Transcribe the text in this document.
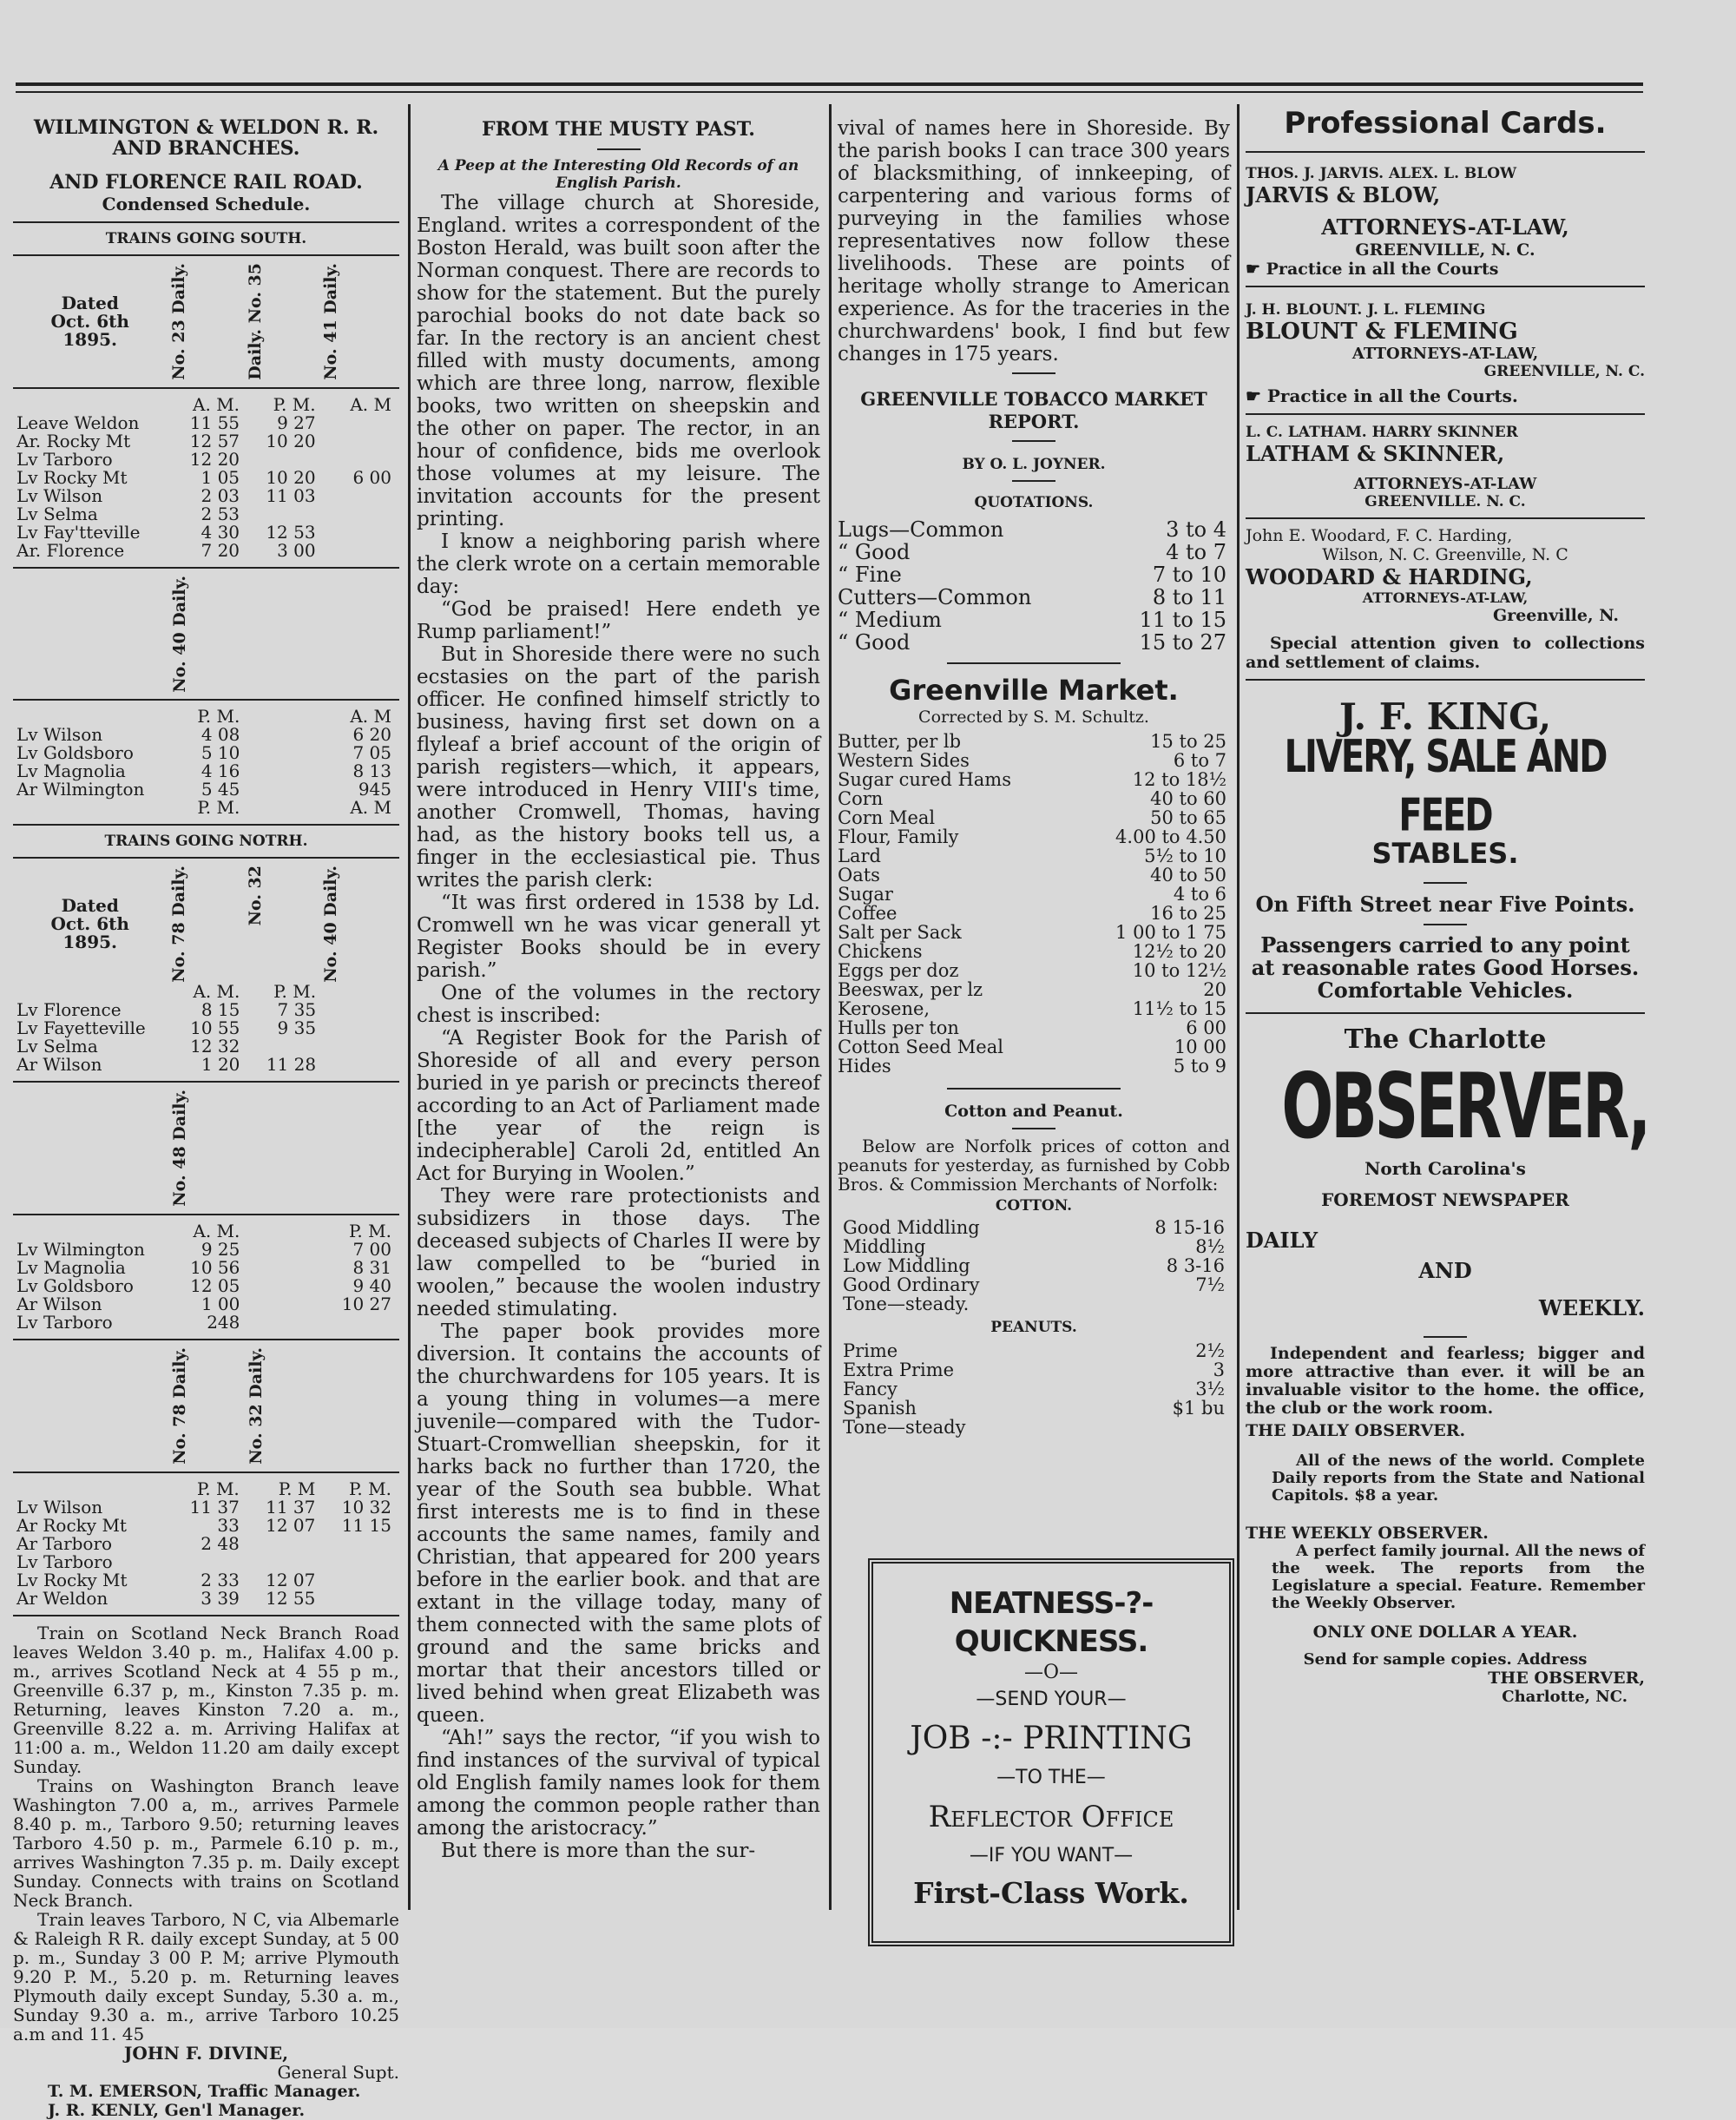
WILMINGTON & WELDON R. R.
AND BRANCHES.
AND FLORENCE RAIL ROAD.
Condensed Schedule.
TRAINS GOING SOUTH.
Dated
Oct. 6th
1895.	No. 23 Daily.	Daily. No. 35	No. 41 Daily.
	A. M.	P. M.	A. M
Leave Weldon	11 55	9 27	
Ar. Rocky Mt	12 57	10 20	
Lv Tarboro	12 20		
Lv Rocky Mt	1 05	10 20	6 00
Lv Wilson	2 03	11 03	
Lv Selma	2 53		
Lv Fay'tteville	4 30	12 53	
Ar. Florence	7 20	3 00	

No. 40 Daily.

	P. M.		A. M
Lv Wilson	4 08		6 20
Lv Goldsboro	5 10		7 05
Lv Magnolia	4 16		8 13
Ar Wilmington	5 45		945
	P. M.		A. M
TRAINS GOING NOTRH.
Dated
Oct. 6th
1895.	No. 78 Daily.	No. 32	No. 40 Daily.
	A. M.	P. M.	
Lv Florence	8 15	7 35	
Lv Fayetteville	10 55	9 35	
Lv Selma	12 32		
Ar Wilson	1 20	11 28	

No. 48 Daily.

	A. M.		P. M.
Lv Wilmington	9 25		7 00
Lv Magnolia	10 56		8 31
Lv Goldsboro	12 05		9 40
Ar Wilson	1 00		10 27
Lv Tarboro	248		

No. 78 Daily.	No. 32 Daily.

	P. M.	P. M	P. M.
Lv Wilson	11 37	11 37	10 32
Ar Rocky Mt	33	12 07	11 15

Ar Tarboro	2 48		
Lv Tarboro			
Lv Rocky Mt	2 33	12 07	
Ar Weldon	3 39	12 55	

Train on Scotland Neck Branch Road leaves Weldon 3.40 p. m., Halifax 4.00 p. m., arrives Scotland Neck at 4 55 p m., Greenville 6.37 p, m., Kinston 7.35 p. m. Returning, leaves Kinston 7.20 a. m., Greenville 8.22 a. m. Arriving Halifax at 11:00 a. m., Weldon 11.20 am daily except Sunday.

Trains on Washington Branch leave Washington 7.00 a, m., arrives Parmele 8.40 p. m., Tarboro 9.50; returning leaves Tarboro 4.50 p. m., Parmele 6.10 p. m., arrives Washington 7.35 p. m. Daily except Sunday. Connects with trains on Scotland Neck Branch.

Train leaves Tarboro, N C, via Albemarle & Raleigh R R. daily except Sunday, at 5 00 p. m., Sunday 3 00 P. M; arrive Plymouth 9.20 P. M., 5.20 p. m. Returning leaves Plymouth daily except Sunday, 5.30 a. m., Sunday 9.30 a. m., arrive Tarboro 10.25 a.m and 11. 45

JOHN F. DIVINE,
General Supt.
T. M. EMERSON, Traffic Manager.
J. R. KENLY, Gen'l Manager.
FROM THE MUSTY PAST.
A Peep at the Interesting Old Records of an English Parish.

The village church at Shoreside, England. writes a correspondent of the Boston Herald, was built soon after the Norman conquest. There are records to show for the statement. But the purely parochial books do not date back so far. In the rectory is an ancient chest filled with musty documents, among which are three long, narrow, flexible books, two written on sheepskin and the other on paper. The rector, in an hour of confidence, bids me overlook those volumes at my leisure. The invitation accounts for the present printing.

I know a neighboring parish where the clerk wrote on a certain memorable day:

“God be praised! Here endeth ye Rump parliament!”

But in Shoreside there were no such ecstasies on the part of the parish officer. He confined himself strictly to business, having first set down on a flyleaf a brief account of the origin of parish registers—which, it appears, were introduced in Henry VIII's time, another Cromwell, Thomas, having had, as the history books tell us, a finger in the ecclesiastical pie. Thus writes the parish clerk:

“It was first ordered in 1538 by Ld. Cromwell wn he was vicar generall yt Register Books should be in every parish.”

One of the volumes in the rectory chest is inscribed:

“A Register Book for the Parish of Shoreside of all and every person buried in ye parish or precincts thereof according to an Act of Parliament made [the year of the reign is indecipherable] Caroli 2d, entitled An Act for Burying in Woolen.”

They were rare protectionists and subsidizers in those days. The deceased subjects of Charles II were by law compelled to be “buried in woolen,” because the woolen industry needed stimulating.

The paper book provides more diversion. It contains the accounts of the churchwardens for 105 years. It is a young thing in volumes—a mere juvenile—compared with the Tudor-Stuart-Cromwellian sheepskin, for it harks back no further than 1720, the year of the South sea bubble. What first interests me is to find in these accounts the same names, family and Christian, that appeared for 200 years before in the earlier book. and that are extant in the village today, many of them connected with the same plots of ground and the same bricks and mortar that their ancestors tilled or lived behind when great Elizabeth was queen.

“Ah!” says the rector, “if you wish to find instances of the survival of typical old English family names look for them among the common people rather than among the aristocracy.”

But there is more than the sur-

vival of names here in Shoreside. By the parish books I can trace 300 years of blacksmithing, of innkeeping, of carpentering and various forms of purveying in the families whose representatives now follow these livelihoods. These are points of heritage wholly strange to American experience. As for the traceries in the churchwardens' book, I find but few changes in 175 years.

GREENVILLE TOBACCO MARKET REPORT.
BY O. L. JOYNER.
QUOTATIONS.
Lugs—Common	3 to 4
“ Good	4 to 7
“ Fine	7 to 10
Cutters—Common	8 to 11
“ Medium	11 to 15
“ Good	15 to 27
Greenville Market.
Corrected by S. M. Schultz.
Butter, per lb	15 to 25
Western Sides	6 to 7
Sugar cured Hams	12 to 18½
Corn	40 to 60
Corn Meal	50 to 65
Flour, Family	4.00 to 4.50
Lard	5½ to 10
Oats	40 to 50
Sugar	4 to 6
Coffee	16 to 25
Salt per Sack	1 00 to 1 75
Chickens	12½ to 20
Eggs per doz	10 to 12½
Beeswax, per lz	20
Kerosene,	11½ to 15
Hulls per ton	6 00
Cotton Seed Meal	10 00
Hides	5 to 9
Cotton and Peanut.

Below are Norfolk prices of cotton and peanuts for yesterday, as furnished by Cobb Bros. & Commission Merchants of Norfolk:

COTTON.
Good Middling	8 15-16
Middling	8½
Low Middling	8 3-16
Good Ordinary	7½
Tone—steady.	
PEANUTS.
Prime	2½
Extra Prime	3
Fancy	3½
Spanish	$1 bu
Tone—steady	
NEATNESS-?-QUICKNESS.
—O—
—SEND YOUR—
JOB -:- PRINTING
—TO THE—
Reflector Office
—IF YOU WANT—
First-Class Work.
Professional Cards.
THOS. J. JARVIS. ALEX. L. BLOW
JARVIS & BLOW,
ATTORNEYS-AT-LAW,
GREENVILLE, N. C.
☛ Practice in all the Courts
J. H. BLOUNT. J. L. FLEMING
BLOUNT & FLEMING
ATTORNEYS-AT-LAW,
GREENVILLE, N. C.
☛ Practice in all the Courts.
L. C. LATHAM. HARRY SKINNER
LATHAM & SKINNER,
ATTORNEYS-AT-LAW
GREENVILLE. N. C.
John E. Woodard, F. C. Harding,
Wilson, N. C. Greenville, N. C
WOODARD & HARDING,
ATTORNEYS-AT-LAW,
Greenville, N.

Special attention given to collections and settlement of claims.

J. F. KING,
LIVERY, SALE AND FEED
STABLES.
On Fifth Street near Five Points.

Passengers carried to any point at reasonable rates Good Horses. Comfortable Vehicles.

The Charlotte
OBSERVER,
North Carolina's
FOREMOST NEWSPAPER
DAILY
AND
WEEKLY.

Independent and fearless; bigger and more attractive than ever. it will be an invaluable visitor to the home. the office, the club or the work room.

THE DAILY OBSERVER.

All of the news of the world. Complete Daily reports from the State and National Capitols. $8 a year.

THE WEEKLY OBSERVER.

A perfect family journal. All the news of the week. The reports from the Legislature a special. Feature. Remember the Weekly Observer.

ONLY ONE DOLLAR A YEAR.
Send for sample copies. Address
THE OBSERVER,
Charlotte, NC.
